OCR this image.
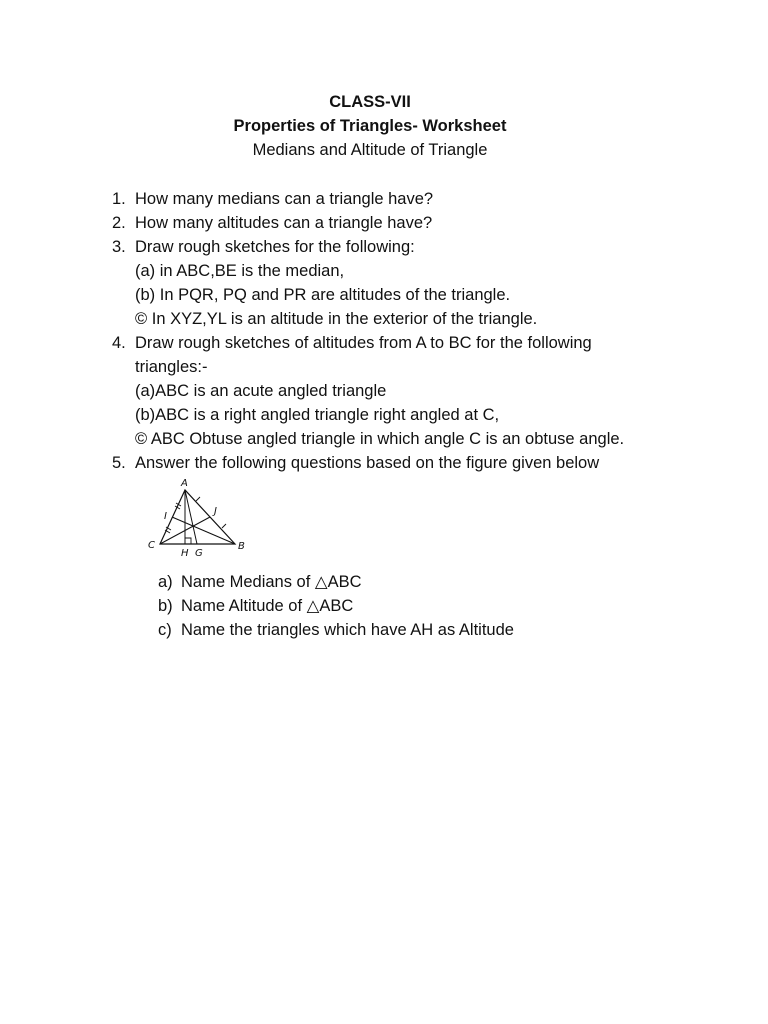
CLASS-VII
Properties of Triangles- Worksheet
Medians and Altitude of Triangle
1. How many medians can a triangle have?
2. How many altitudes can a triangle have?
3. Draw rough sketches for the following:
(a) in ABC,BE is the median,
(b) In PQR, PQ and PR are altitudes of the triangle.
© In XYZ,YL is an altitude in the exterior of the triangle.
4. Draw rough sketches of altitudes from A to BC for the following
triangles:-
(a)ABC is an acute angled triangle
(b)ABC is a right angled triangle right angled at C,
© ABC Obtuse angled triangle in which angle C is an obtuse angle.
5. Answer the following questions based on the figure given below
A
C	B
H G
I	J
a) Name Medians of △ABC
b) Name Altitude of △ABC
c) Name the triangles which have AH as Altitude
